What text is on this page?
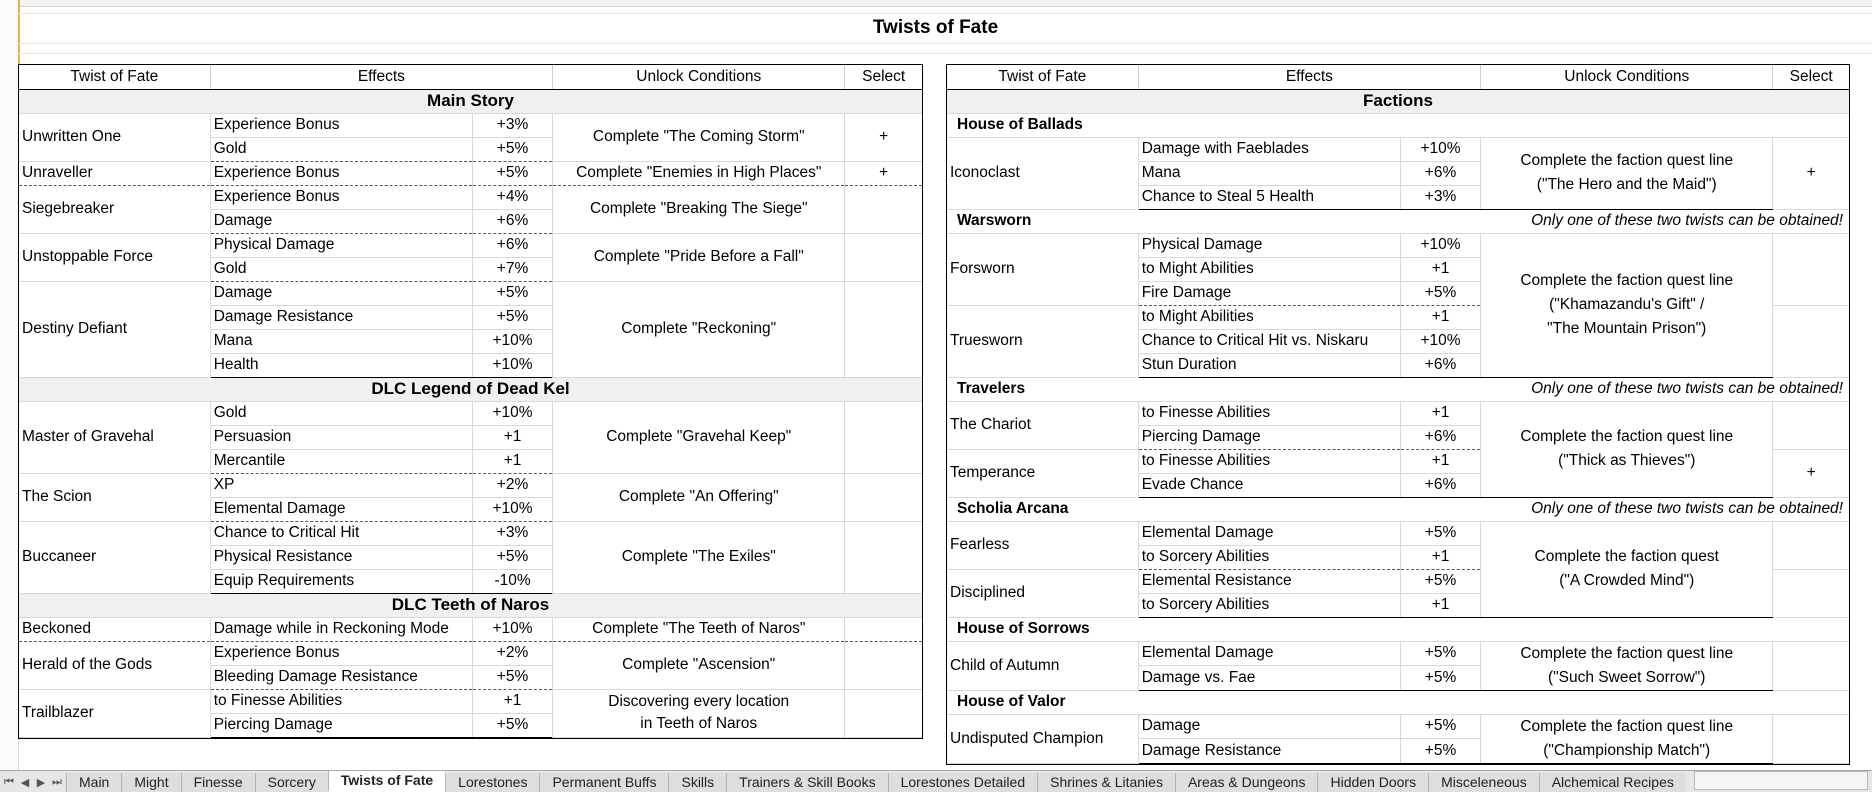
Twists of Fate
Twist of Fate	Effects		Unlock Conditions	Select
Main Story				
Unwritten One	Experience Bonus	+3%	Complete "The Coming Storm"	+
	Gold	+5%		
Unraveller	Experience Bonus	+5%	Complete "Enemies in High Places"	+
Siegebreaker	Experience Bonus	+4%	Complete "Breaking The Siege"	

	Damage	+6%		
Unstoppable Force	Physical Damage	+6%	Complete "Pride Before a Fall"	

	Gold	+7%		
Destiny Defiant	Damage	+5%	Complete "Reckoning"	

	Damage Resistance	+5%		
	Mana	+10%		
	Health	+10%		
DLC Legend of Dead Kel				
Master of Gravehal	Gold	+10%	Complete "Gravehal Keep"	

	Persuasion	+1		
	Mercantile	+1		
The Scion	XP	+2%	Complete "An Offering"	

	Elemental Damage	+10%		
Buccaneer	Chance to Critical Hit	+3%	Complete "The Exiles"	

	Physical Resistance	+5%		
	Equip Requirements	-10%		
DLC Teeth of Naros				
Beckoned	Damage while in Reckoning Mode	+10%	Complete "The Teeth of Naros"	

Herald of the Gods	Experience Bonus	+2%	Complete "Ascension"	

	Bleeding Damage Resistance	+5%		
Trailblazer	to Finesse Abilities	+1	Discovering every location
in Teeth of Naros	

	Piercing Damage	+5%		
Twist of Fate	Effects		Unlock Conditions	Select
Factions				
House of Ballads				
Iconoclast	Damage with Faeblades	+10%	Complete the faction quest line
("The Hero and the Maid")	+
	Mana	+6%		
	Chance to Steal 5 Health	+3%		
Warsworn		Only one of these two twists can be obtained!		
Forsworn	Physical Damage	+10%	Complete the faction quest line
("Khamazandu's Gift" /
"The Mountain Prison")	

	to Might Abilities	+1		
	Fire Damage	+5%		
Truesworn	to Might Abilities	+1		
	Chance to Critical Hit vs. Niskaru	+10%		
	Stun Duration	+6%		
Travelers		Only one of these two twists can be obtained!		
The Chariot	to Finesse Abilities	+1	Complete the faction quest line
("Thick as Thieves")	

	Piercing Damage	+6%		
Temperance	to Finesse Abilities	+1		+
	Evade Chance	+6%		
Scholia Arcana		Only one of these two twists can be obtained!		
Fearless	Elemental Damage	+5%	Complete the faction quest
("A Crowded Mind")	

	to Sorcery Abilities	+1		
Disciplined	Elemental Resistance	+5%		
	to Sorcery Abilities	+1		
House of Sorrows				
Child of Autumn	Elemental Damage	+5%	Complete the faction quest line
("Such Sweet Sorrow")	

	Damage vs. Fae	+5%		
House of Valor				
Undisputed Champion	Damage	+5%	Complete the faction quest line
("Championship Match")	

	Damage Resistance	+5%		
⏮ ◀ ▶ ⏭	Main	Might	Finesse	Sorcery	Twists of Fate	Lorestones	Permanent Buffs	Skills	Trainers & Skill Books	Lorestones Detailed	Shrines & Litanies	Areas & Dungeons	Hidden Doors	Misceleneous	Alchemical Recipes
